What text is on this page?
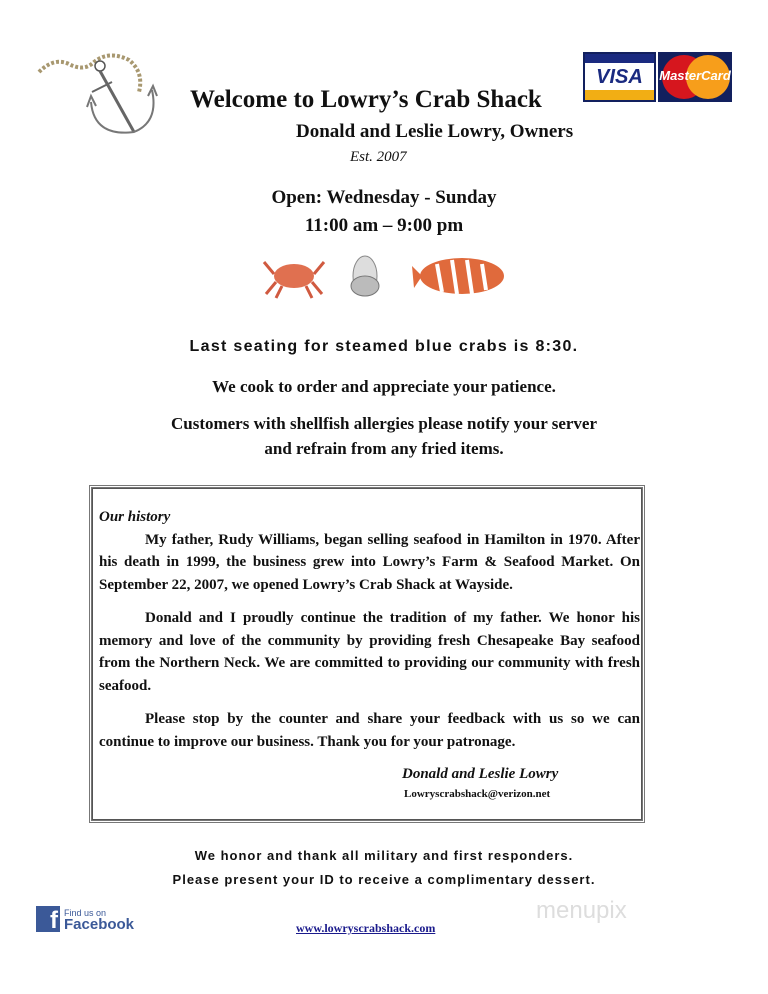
VISA	MasterCard
Welcome to Lowry’s Crab Shack
Donald and Leslie Lowry, Owners
Est. 2007
Open: Wednesday - Sunday
11:00 am – 9:00 pm
Last seating for steamed blue crabs is 8:30.
We cook to order and appreciate your patience.
Customers with shellfish allergies please notify your server
and refrain from any fried items.
Our history

My father, Rudy Williams, began selling seafood in Hamilton in 1970. After his death in 1999, the business grew into Lowry’s Farm & Seafood Market. On September 22, 2007, we opened Lowry’s Crab Shack at Wayside.

Donald and I proudly continue the tradition of my father. We honor his memory and love of the community by providing fresh Chesapeake Bay seafood from the Northern Neck. We are committed to providing our community with fresh seafood.

Please stop by the counter and share your feedback with us so we can continue to improve our business. Thank you for your patronage.

Donald and Leslie Lowry
Lowryscrabshack@verizon.net
We honor and thank all military and first responders.
Please present your ID to receive a complimentary dessert.
f Find us on
Facebook	www.lowryscrabshack.com
menupix
